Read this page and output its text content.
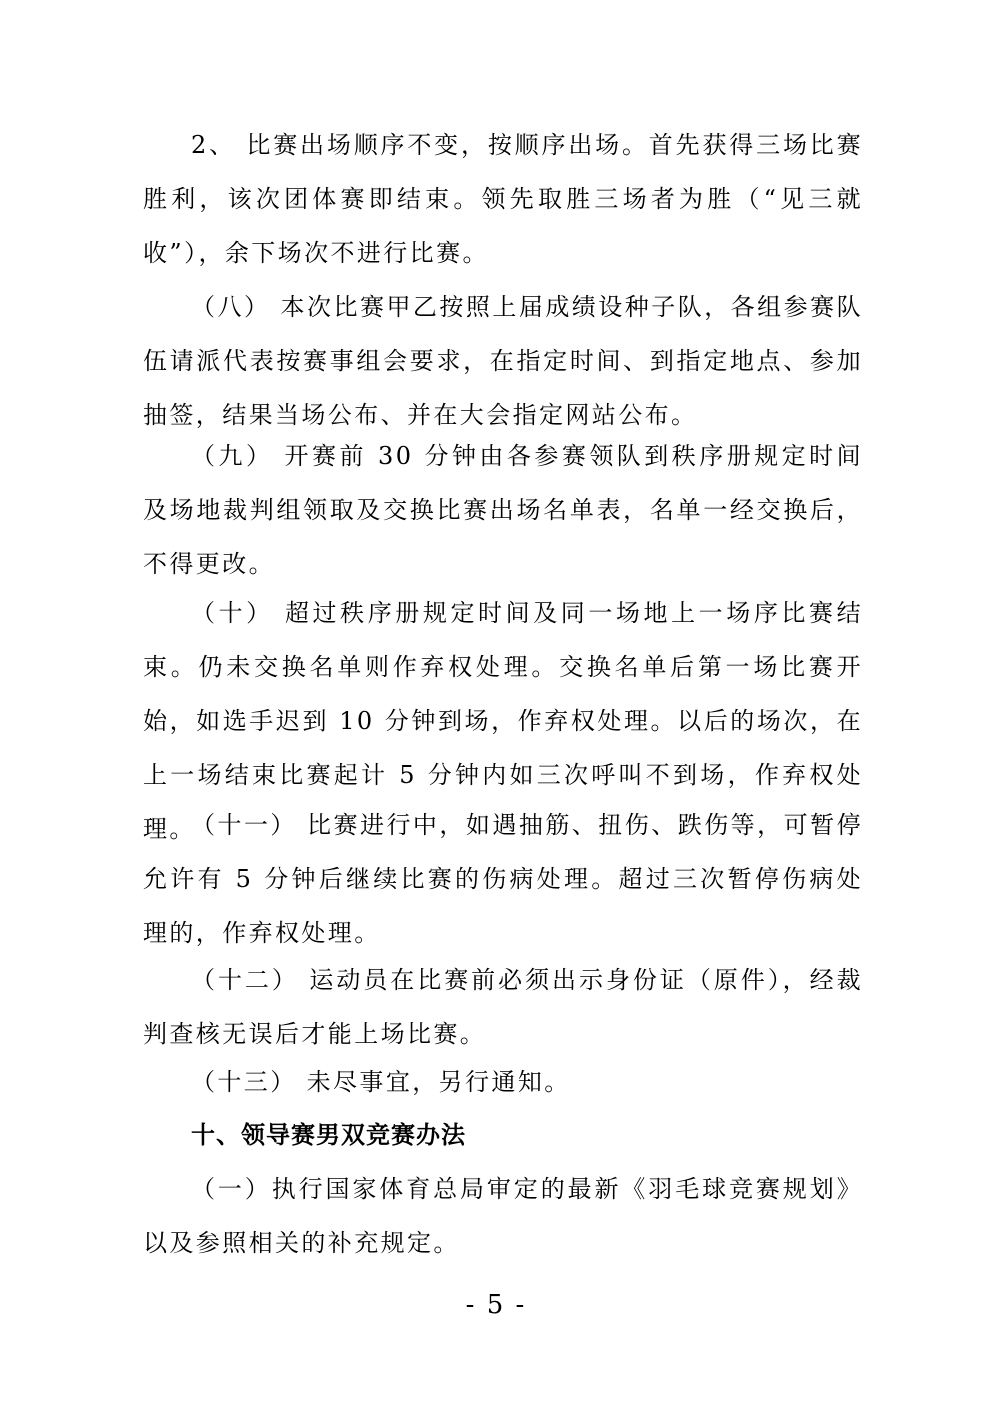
2、 比赛出场顺序不变，按顺序出场。首先获得三场比赛胜利，该次团体赛即结束。领先取胜三场者为胜（“见三就收”），余下场次不进行比赛。

（八） 本次比赛甲乙按照上届成绩设种子队，各组参赛队伍请派代表按赛事组会要求，在指定时间、到指定地点、参加抽签，结果当场公布、并在大会指定网站公布。

（九） 开赛前 30 分钟由各参赛领队到秩序册规定时间及场地裁判组领取及交换比赛出场名单表，名单一经交换后，不得更改。

（十） 超过秩序册规定时间及同一场地上一场序比赛结束。仍未交换名单则作弃权处理。交换名单后第一场比赛开始，如选手迟到 10 分钟到场，作弃权处理。以后的场次，在上一场结束比赛起计 5 分钟内如三次呼叫不到场，作弃权处理。

（十一） 比赛进行中，如遇抽筋、扭伤、跌伤等，可暂停允许有 5 分钟后继续比赛的伤病处理。超过三次暂停伤病处理的，作弃权处理。

（十二） 运动员在比赛前必须出示身份证（原件），经裁判查核无误后才能上场比赛。

（十三） 未尽事宜，另行通知。

十、领导赛男双竞赛办法

（一）执行国家体育总局审定的最新《羽毛球竞赛规划》以及参照相关的补充规定。

- 5 -
